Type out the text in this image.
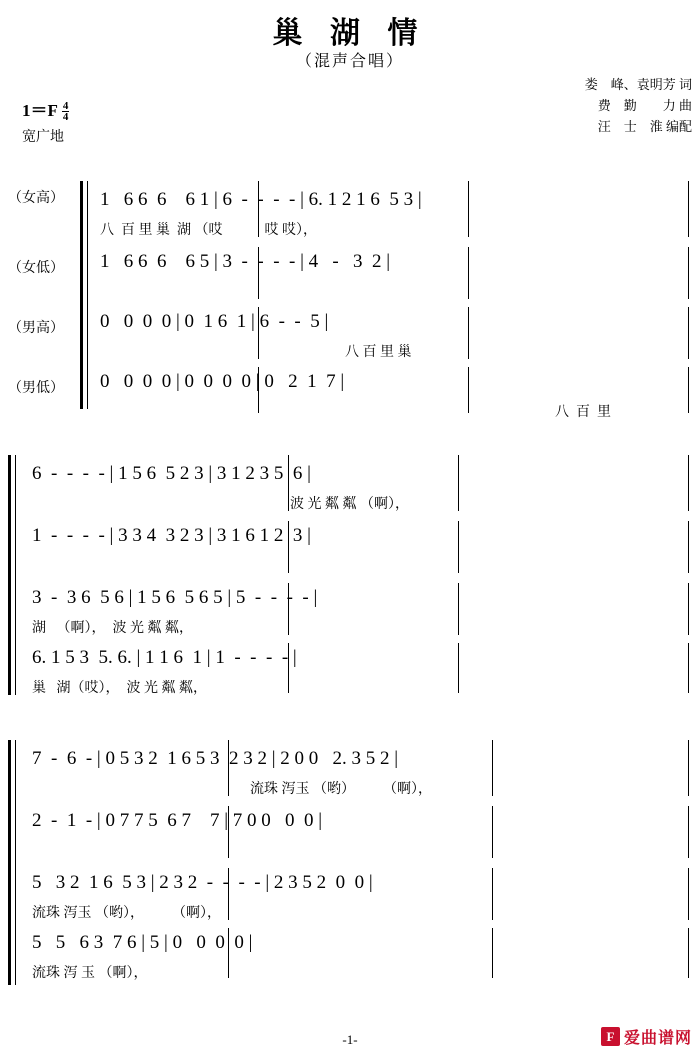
巢 湖 情
（混声合唱）
娄　峰、袁明芳 词
费　勤　　力 曲
汪　士　淮 编配
$1=F \frac{4}{4}$
宽广地
（女高）
（女低）
（男高）
（男低）
1   6 6  6    6 1 | 6  -  -  -  - | 6. 1 2 1 6  5 3 |
八  百 里 巢  湖 （哎            哎 哎），
1   6 6  6    6 5 | 3  -  -  -  - | 4   -   3  2 |
0   0  0  0 | 0  1 6  1 | 6  -  -  5 |
八 百 里 巢
0   0  0  0 | 0  0  0  0 | 0   2  1  7 |
八  百  里
6  -  -  -  - | 1 5 6  5 2 3 | 3 1 2 3 5  6 |
波 光 粼 粼 （啊），
1  -  -  -  - | 3 3 4  3 2 3 | 3 1 6 1 2  3 |
3  -  3 6  5 6 | 1 5 6  5 6 5 | 5  -  -  -  - |
湖   （啊），  波 光 粼 粼，
6. 1 5 3  5. 6. | 1 1 6  1 | 1  -  -  -  - |
巢   湖（哎），  波 光 粼 粼，
7  -  6  - | 0 5 3 2  1 6 5 3  2 3 2 | 2 0 0   2. 3 5 2 |
流珠 泻玉 （哟）        （啊），
2  -  1  - | 0 7 7 5  6 7    7 | 7 0 0   0  0 |
5   3 2  1 6  5 3 | 2 3 2  -  -  -  - | 2 3 5 2  0  0 |
流珠 泻玉 （哟），        （啊），
5   5   6 3  7 6 | 5 | 0   0  0  0 |
流珠 泻 玉 （啊），
-1-	F 爱曲谱网
